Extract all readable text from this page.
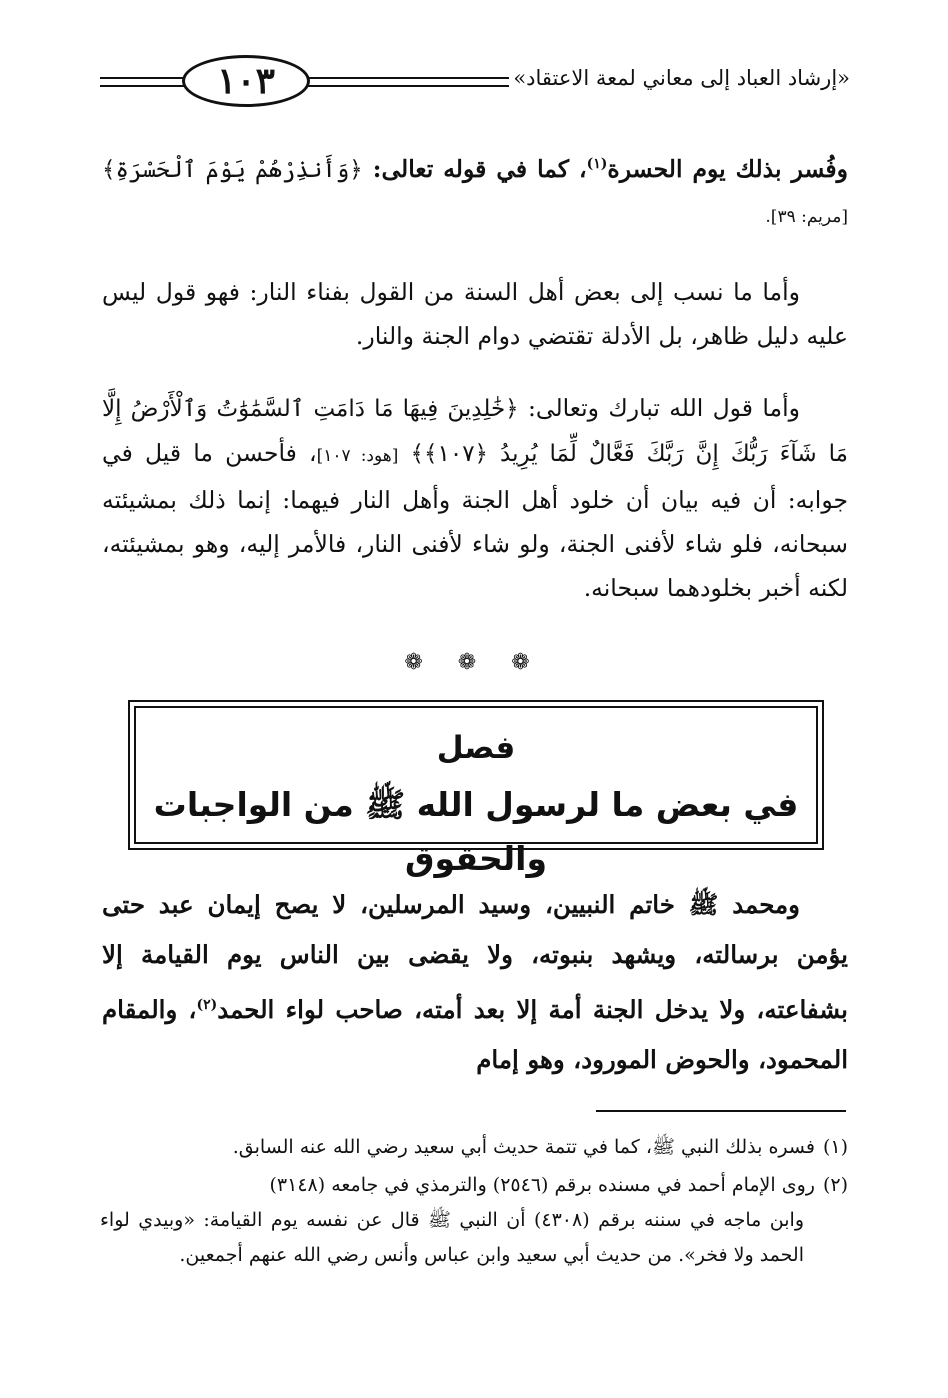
١٠٣	«إرشاد العباد إلى معاني لمعة الاعتقاد»

وفُسر بذلك يوم الحسرة$^{(١)}$، كما في قوله تعالى: ﴿وَأَنذِرْهُمْ يَوْمَ ٱلْحَسْرَةِ﴾ [مريم: ٣٩].

وأما ما نسب إلى بعض أهل السنة من القول بفناء النار: فهو قول ليس عليه دليل ظاهر، بل الأدلة تقتضي دوام الجنة والنار.

وأما قول الله تبارك وتعالى: ﴿خَٰلِدِينَ فِيهَا مَا دَامَتِ ٱلسَّمَٰوَٰتُ وَٱلْأَرْضُ إِلَّا مَا شَآءَ رَبُّكَ إِنَّ رَبَّكَ فَعَّالٌ لِّمَا يُرِيدُ ﴿١٠٧﴾﴾ [هود: ١٠٧]، فأحسن ما قيل في جوابه: أن فيه بيان أن خلود أهل الجنة وأهل النار فيهما: إنما ذلك بمشيئته سبحانه، فلو شاء لأفنى الجنة، ولو شاء لأفنى النار، فالأمر إليه، وهو بمشيئته، لكنه أخبر بخلودهما سبحانه.

❁ ❁ ❁
فصل
في بعض ما لرسول الله ﷺ من الواجبات والحقوق

ومحمد ﷺ خاتم النبيين، وسيد المرسلين، لا يصح إيمان عبد حتى يؤمن برسالته، ويشهد بنبوته، ولا يقضى بين الناس يوم القيامة إلا بشفاعته، ولا يدخل الجنة أمة إلا بعد أمته، صاحب لواء الحمد$^{(٢)}$، والمقام المحمود، والحوض المورود، وهو إمام

(١)فسره بذلك النبي ﷺ، كما في تتمة حديث أبي سعيد رضي الله عنه السابق.

(٢)روى الإمام أحمد في مسنده برقم (٢٥٤٦) والترمذي في جامعه (٣١٤٨)

وابن ماجه في سننه برقم (٤٣٠٨) أن النبي ﷺ قال عن نفسه يوم القيامة: «وبيدي لواء الحمد ولا فخر». من حديث أبي سعيد وابن عباس وأنس رضي الله عنهم أجمعين.
